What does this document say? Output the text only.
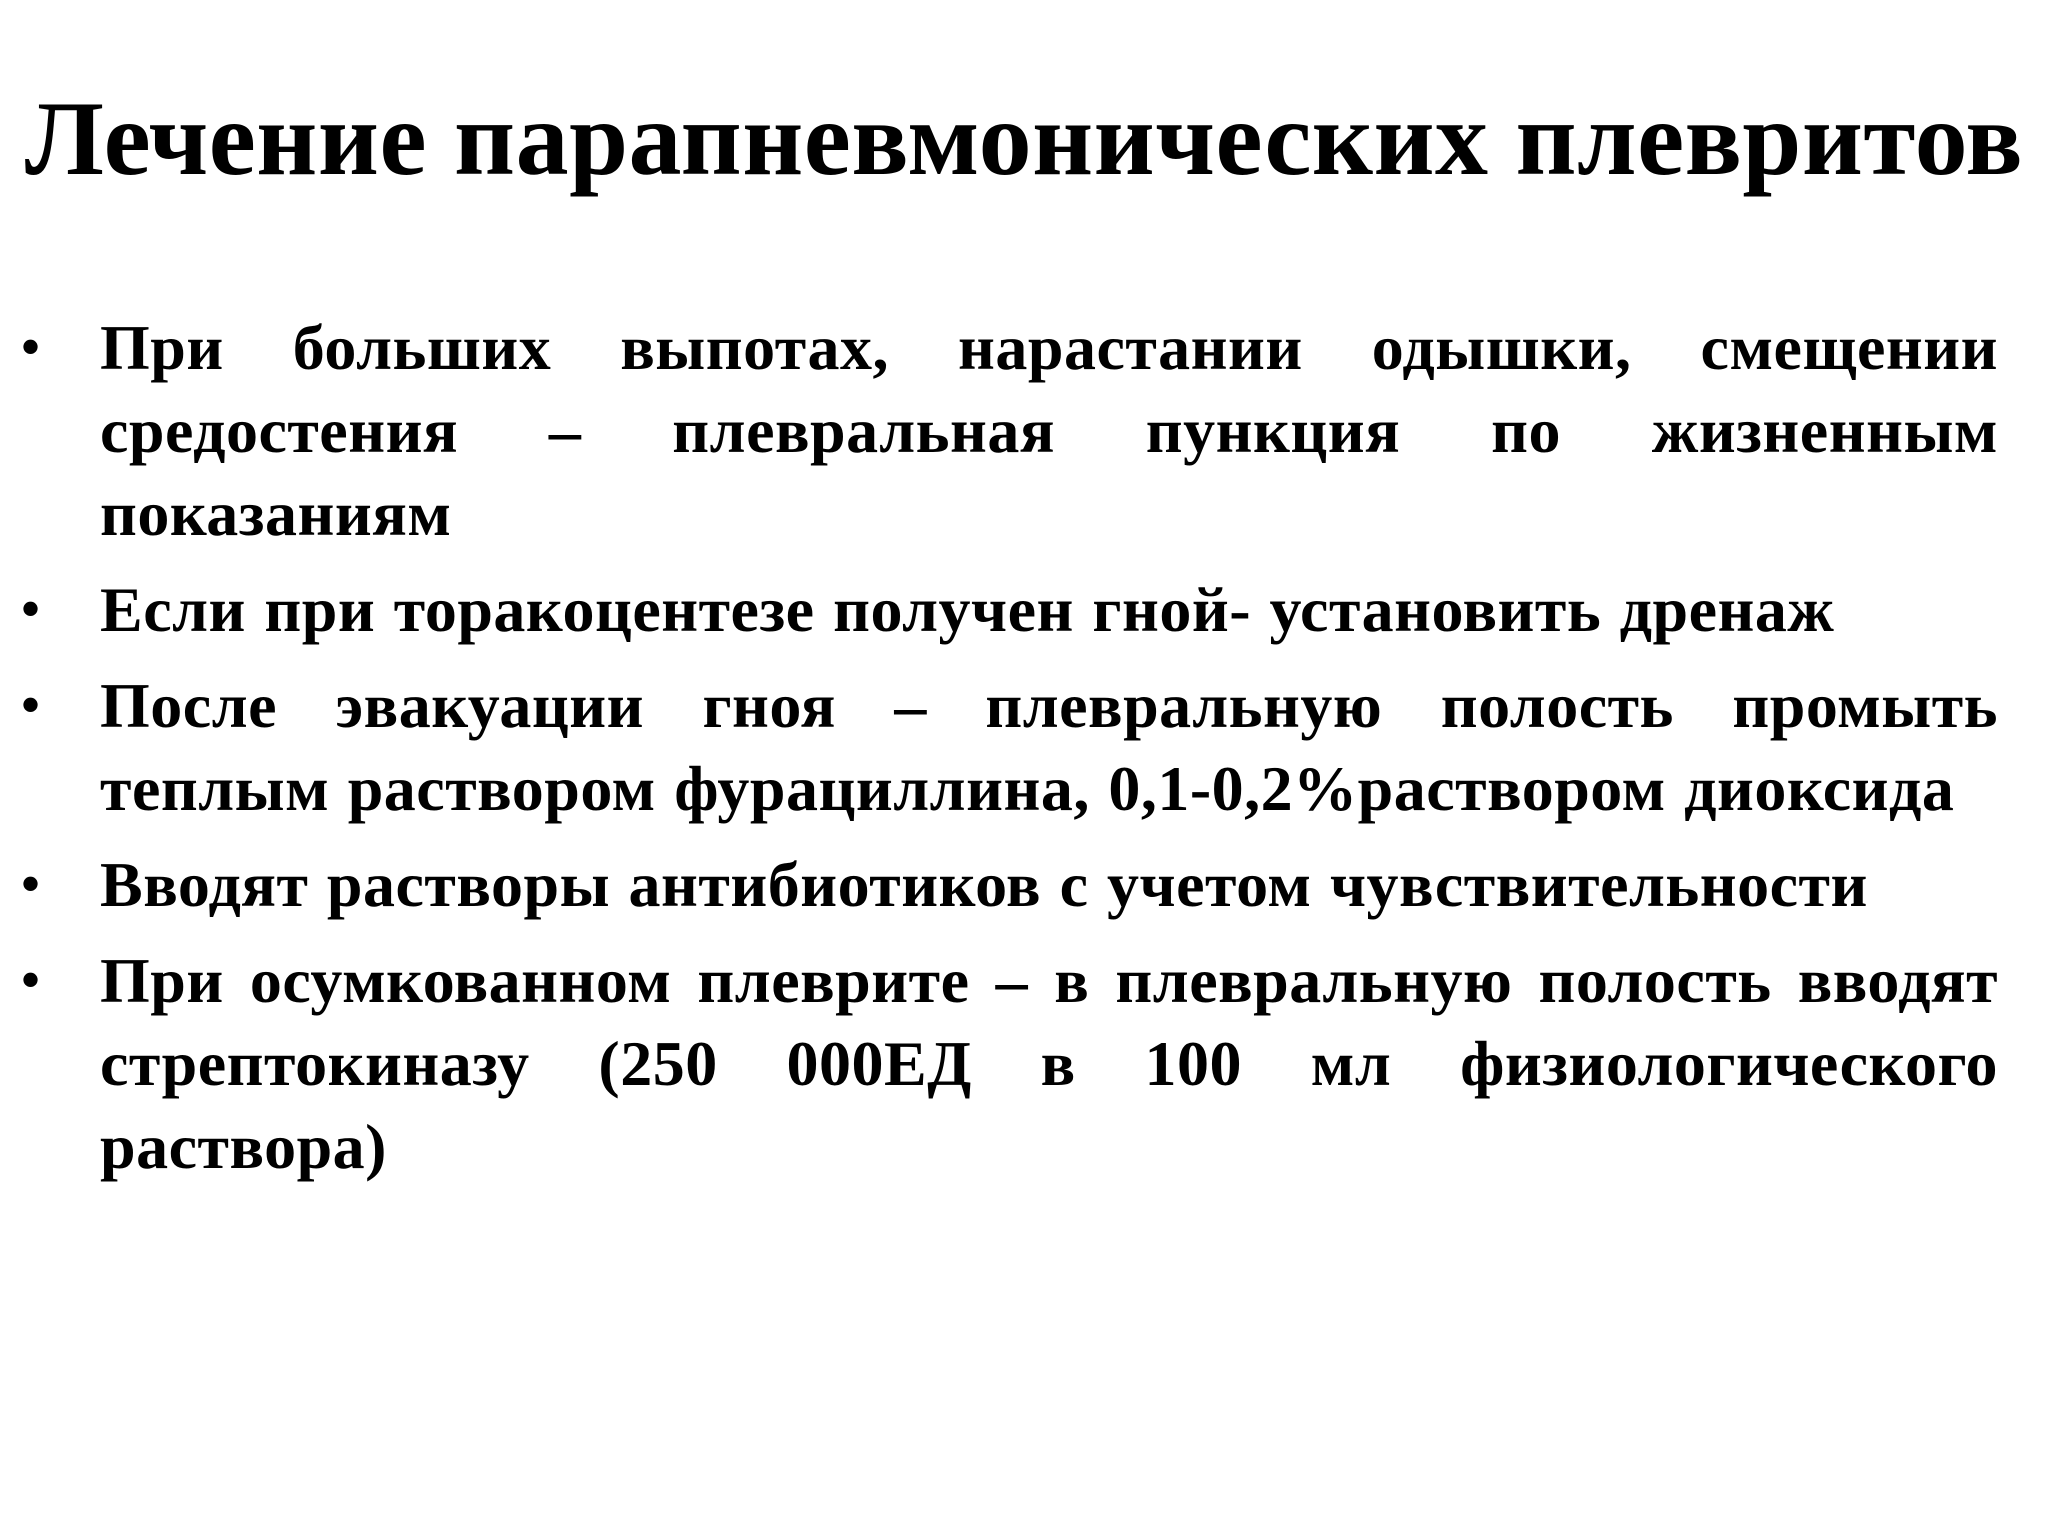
Лечение парапневмонических плевритов
• При больших выпотах, нарастании одышки, смещении средостения – плевральная пункция по жизненным показаниям
• Если при торакоцентезе получен гной- установить дренаж
• После эвакуации гноя – плевральную полость промыть теплым раствором фурациллина, 0,1-0,2%раствором диоксида
• Вводят растворы антибиотиков с учетом чувствительности
• При осумкованном плеврите – в плевральную полость вводят стрептокиназу (250 000ЕД в 100 мл физиологического раствора)
